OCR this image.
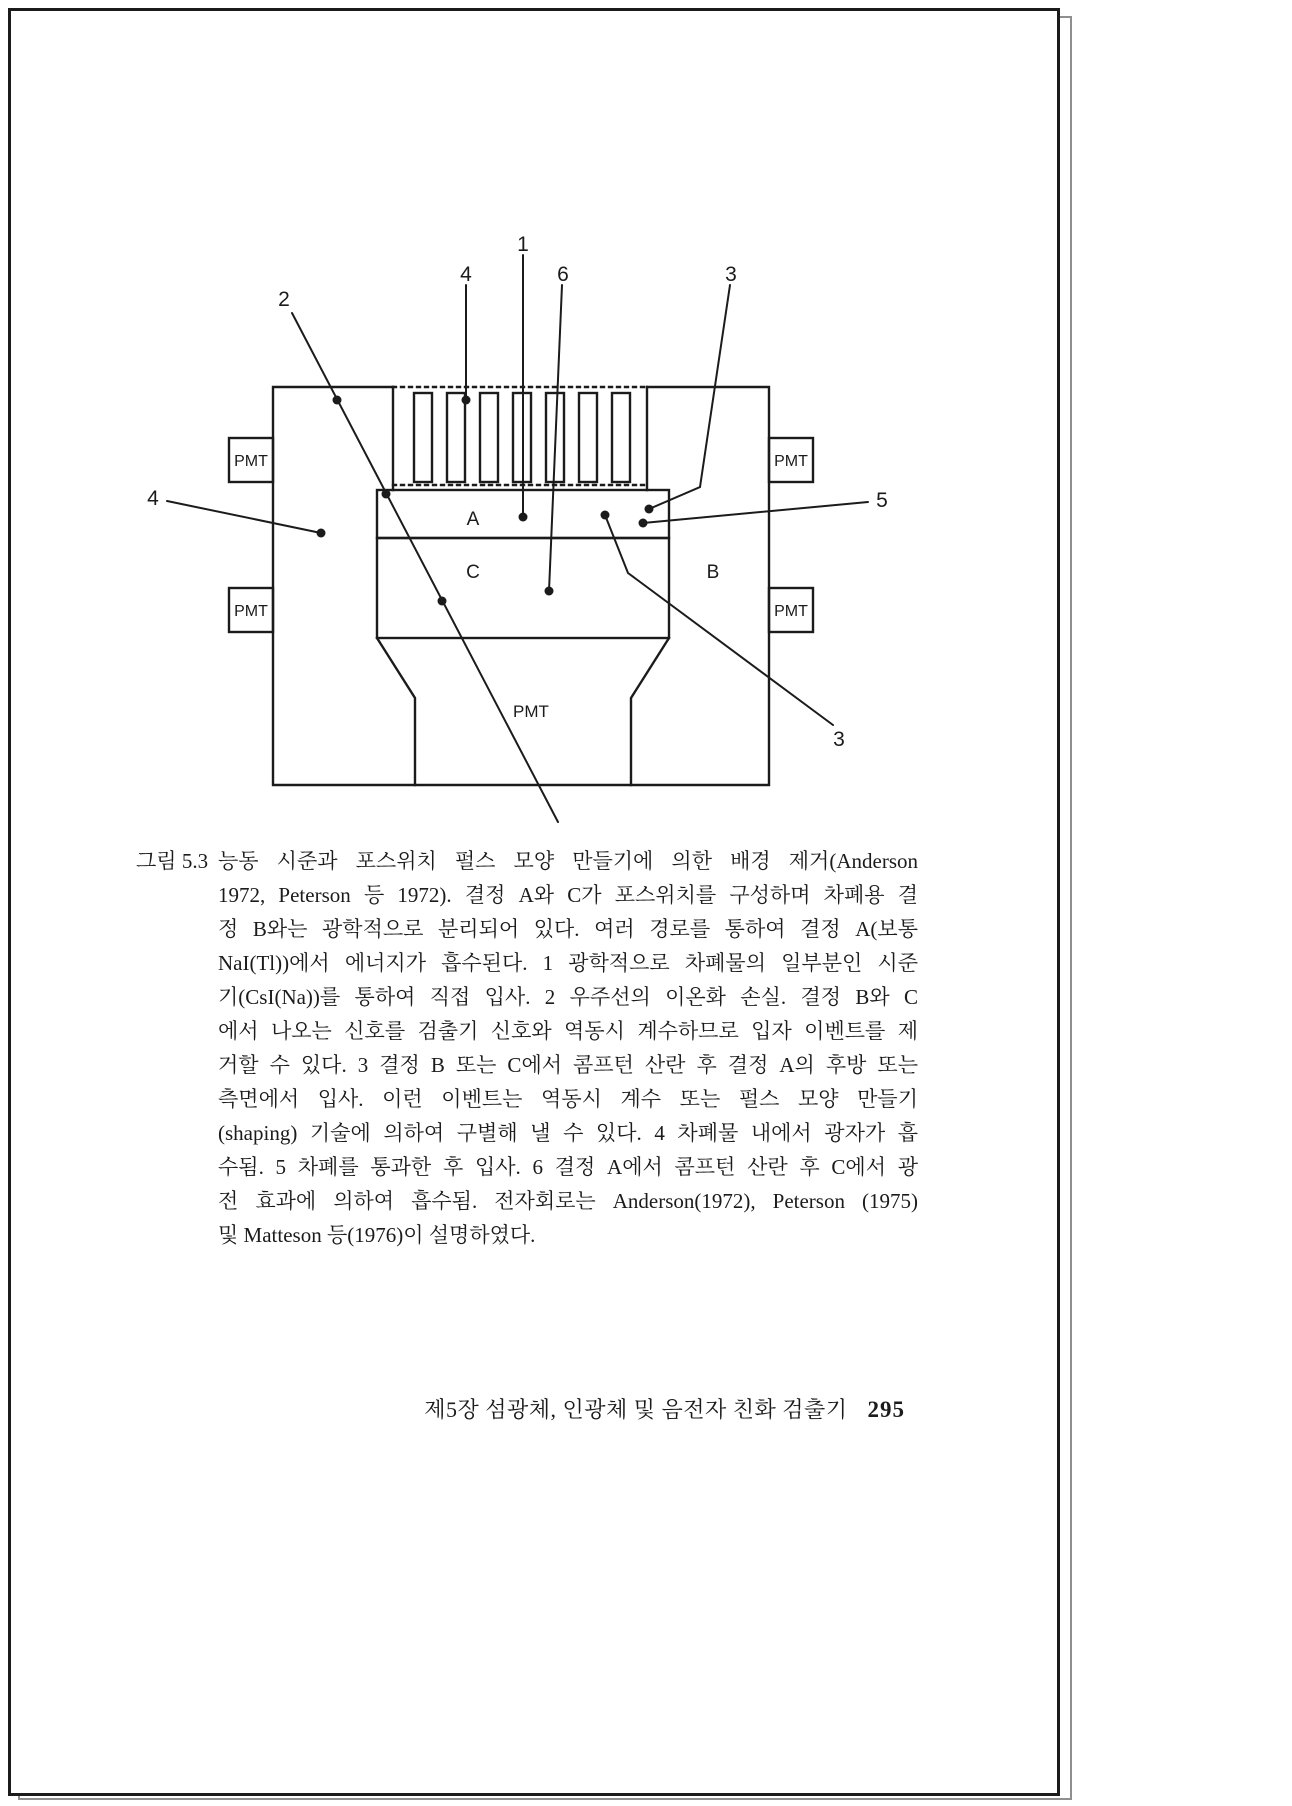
1
4	6	3
2
4	5
3
A
C	B
PMT
PMT
PMT
PMT
PMT
그림 5.3 능동 시준과 포스위치 펄스 모양 만들기에 의한 배경 제거(Anderson
1972, Peterson 등 1972). 결정 A와 C가 포스위치를 구성하며 차폐용 결
정 B와는 광학적으로 분리되어 있다. 여러 경로를 통하여 결정 A(보통
NaI(Tl))에서 에너지가 흡수된다. 1 광학적으로 차폐물의 일부분인 시준
기(CsI(Na))를 통하여 직접 입사. 2 우주선의 이온화 손실. 결정 B와 C
에서 나오는 신호를 검출기 신호와 역동시 계수하므로 입자 이벤트를 제
거할 수 있다. 3 결정 B 또는 C에서 콤프턴 산란 후 결정 A의 후방 또는
측면에서 입사. 이런 이벤트는 역동시 계수 또는 펄스 모양 만들기
(shaping) 기술에 의하여 구별해 낼 수 있다. 4 차폐물 내에서 광자가 흡
수됨. 5 차폐를 통과한 후 입사. 6 결정 A에서 콤프턴 산란 후 C에서 광
전 효과에 의하여 흡수됨. 전자회로는 Anderson(1972), Peterson (1975)
및 Matteson 등(1976)이 설명하였다.
제5장 섬광체, 인광체 및 음전자 친화 검출기 295
